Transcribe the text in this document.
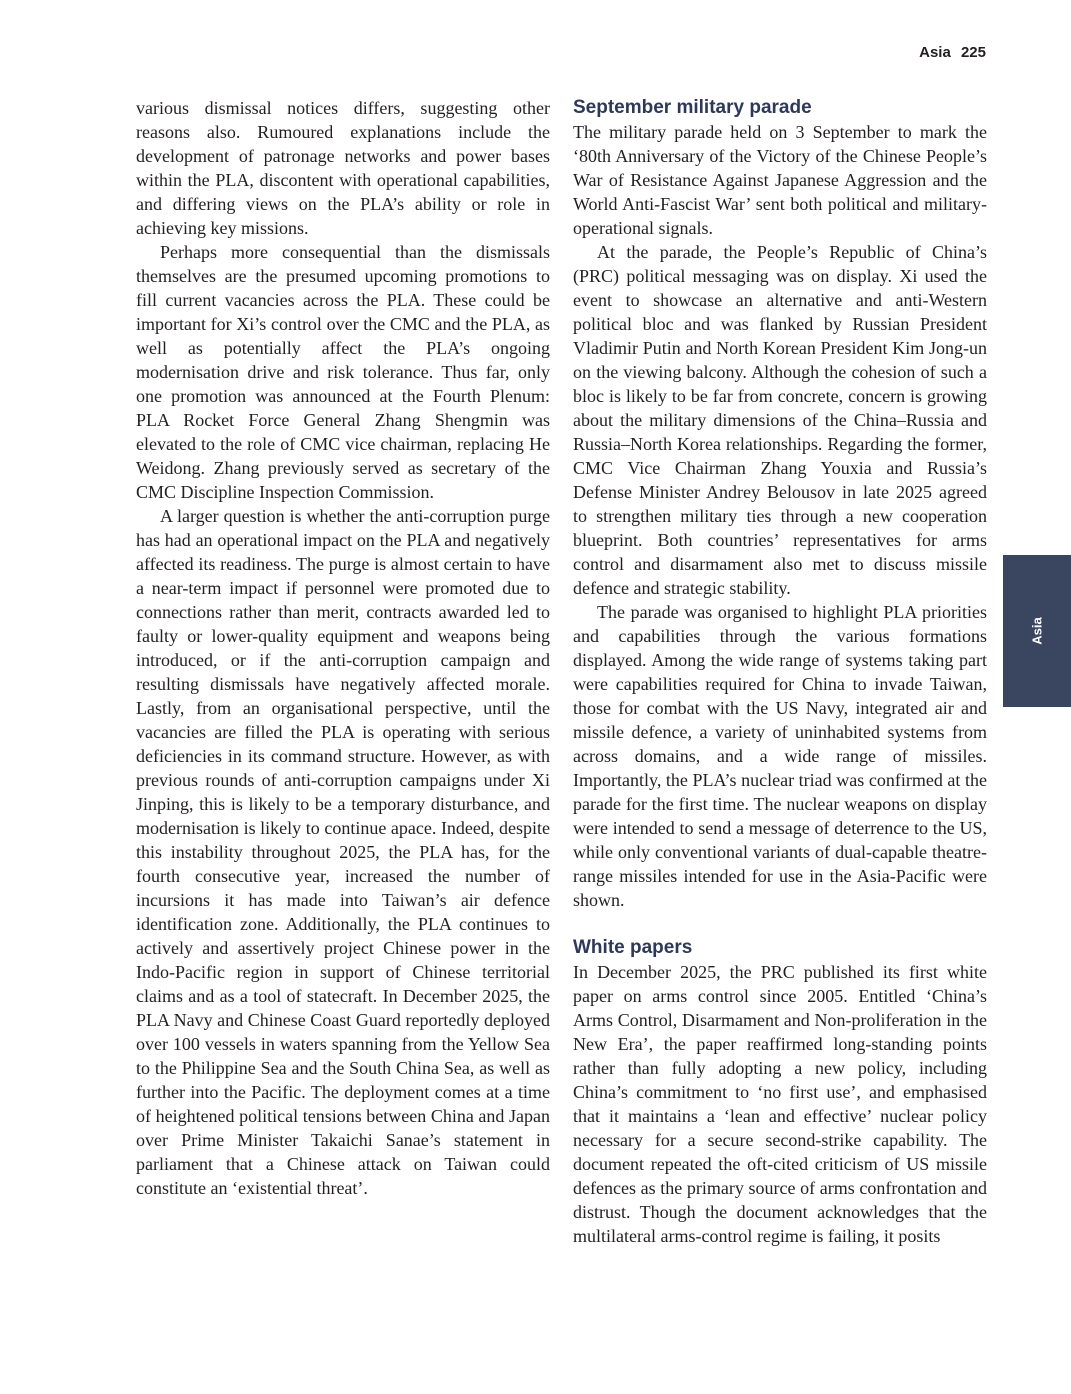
Asia 225

various dismissal notices differs, suggesting other reasons also. Rumoured explanations include the development of patronage networks and power bases within the PLA, discontent with operational capabilities, and differing views on the PLA’s ability or role in achieving key missions.

Perhaps more consequential than the dismissals themselves are the presumed upcoming promotions to fill current vacancies across the PLA. These could be important for Xi’s control over the CMC and the PLA, as well as potentially affect the PLA’s ongoing modernisation drive and risk tolerance. Thus far, only one promotion was announced at the Fourth Plenum: PLA Rocket Force General Zhang Shengmin was elevated to the role of CMC vice chairman, replacing He Weidong. Zhang previously served as secretary of the CMC Discipline Inspection Commission.

A larger question is whether the anti-corruption purge has had an operational impact on the PLA and negatively affected its readiness. The purge is almost certain to have a near-term impact if personnel were promoted due to connections rather than merit, contracts awarded led to faulty or lower-quality equipment and weapons being introduced, or if the anti-corruption campaign and resulting dismissals have negatively affected morale. Lastly, from an organisational perspective, until the vacancies are filled the PLA is operating with serious deficiencies in its command structure. However, as with previous rounds of anti-corruption campaigns under Xi Jinping, this is likely to be a temporary disturbance, and modernisation is likely to continue apace. Indeed, despite this instability throughout 2025, the PLA has, for the fourth consecutive year, increased the number of incursions it has made into Taiwan’s air defence identification zone. Additionally, the PLA continues to actively and assertively project Chinese power in the Indo-Pacific region in support of Chinese territorial claims and as a tool of statecraft. In December 2025, the PLA Navy and Chinese Coast Guard reportedly deployed over 100 vessels in waters spanning from the Yellow Sea to the Philippine Sea and the South China Sea, as well as further into the Pacific. The deployment comes at a time of heightened political tensions between China and Japan over Prime Minister Takaichi Sanae’s statement in parliament that a Chinese attack on Taiwan could constitute an ‘existential threat’.

September military parade

The military parade held on 3 September to mark the ‘80th Anniversary of the Victory of the Chinese People’s War of Resistance Against Japanese Aggression and the World Anti-Fascist War’ sent both political and military-operational signals.

At the parade, the People’s Republic of China’s (PRC) political messaging was on display. Xi used the event to showcase an alternative and anti-Western political bloc and was flanked by Russian President Vladimir Putin and North Korean President Kim Jong-un on the viewing balcony. Although the cohesion of such a bloc is likely to be far from concrete, concern is growing about the military dimensions of the China–Russia and Russia–North Korea relationships. Regarding the former, CMC Vice Chairman Zhang Youxia and Russia’s Defense Minister Andrey Belousov in late 2025 agreed to strengthen military ties through a new cooperation blueprint. Both countries’ representatives for arms control and disarmament also met to discuss missile defence and strategic stability.

The parade was organised to highlight PLA priorities and capabilities through the various formations displayed. Among the wide range of systems taking part were capabilities required for China to invade Taiwan, those for combat with the US Navy, integrated air and missile defence, a variety of uninhabited systems from across domains, and a wide range of missiles. Importantly, the PLA’s nuclear triad was confirmed at the parade for the first time. The nuclear weapons on display were intended to send a message of deterrence to the US, while only conventional variants of dual-capable theatre-range missiles intended for use in the Asia-Pacific were shown.

White papers

In December 2025, the PRC published its first white paper on arms control since 2005. Entitled ‘China’s Arms Control, Disarmament and Non-proliferation in the New Era’, the paper reaffirmed long-standing points rather than fully adopting a new policy, including China’s commitment to ‘no first use’, and emphasised that it maintains a ‘lean and effective’ nuclear policy necessary for a secure second-strike capability. The document repeated the oft-cited criticism of US missile defences as the primary source of arms confrontation and distrust. Though the document acknowledges that the multilateral arms-control regime is failing, it posits

Asia
